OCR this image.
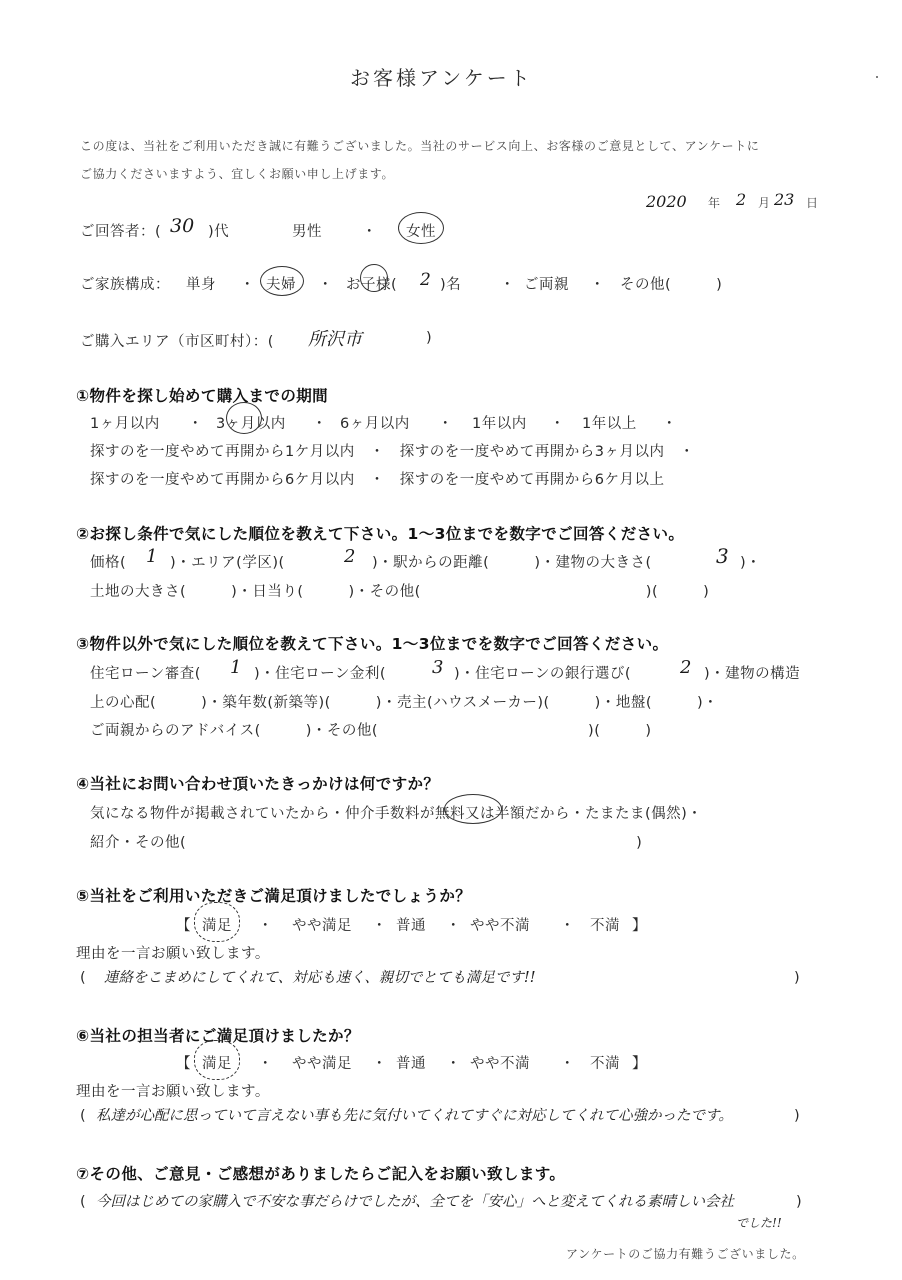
お客様アンケート
この度は、当社をご利用いただき誠に有難うございました。当社のサービス向上、お客様のご意見として、アンケートに
ご協力くださいますよう、宜しくお願い申し上げます。
2020 年 2 月 23 日
ご回答者：( 30 )代	男性	・ 女性
ご家族構成： 単身 ・ 夫婦 ・ お子様( 2 )名	・ ご両親 ・ その他(　　　)
ご購入エリア（市区町村）：( 所沢市	)
①物件を探し始めて購入までの期間
1ヶ月以内 ・ 3ヶ月以内 ・ 6ヶ月以内 ・ 1年以内 ・ 1年以上 ・
探すのを一度やめて再開から1ケ月以内　・　探すのを一度やめて再開から3ヶ月以内　・
探すのを一度やめて再開から6ケ月以内　・　探すのを一度やめて再開から6ケ月以上
②お探し条件で気にした順位を教えて下さい。1～3位までを数字でご回答ください。
価格( 1 )・エリア(学区)(	2 )・駅からの距離(　　　)・建物の大きさ(	3 )・
土地の大きさ(　　　)・日当り(　　　)・その他(　　　　　　　　　　　　　　　)(　　　)
③物件以外で気にした順位を教えて下さい。1～3位までを数字でご回答ください。
住宅ローン審査( 1 )・住宅ローン金利(	3 )・住宅ローンの銀行選び(	2 )・建物の構造
上の心配(　　　)・築年数(新築等)(　　　)・売主(ハウスメーカー)(　　　)・地盤(　　　)・
ご両親からのアドバイス(　　　)・その他(　　　　　　　　　　　　　　)(　　　)
④当社にお問い合わせ頂いたきっかけは何ですか？
気になる物件が掲載されていたから・仲介手数料が無料又は半額だから・たまたま(偶然)・
紹介・その他(　　　　　　　　　　　　　　　　　　　　　　　　　　　　　　)
⑤当社をご利用いただきご満足頂けましたでしょうか？
【 満足 ・ やや満足 ・ 普通 ・ やや不満 ・ 不満 】
理由を一言お願い致します。
( 連絡をこまめにしてくれて、対応も速く、親切でとても満足です!!	)
⑥当社の担当者にご満足頂けましたか？
【 満足 ・ やや満足 ・ 普通 ・ やや不満 ・ 不満 】
理由を一言お願い致します。
( 私達が心配に思っていて言えない事も先に気付いてくれてすぐに対応してくれて心強かったです。	)
⑦その他、ご意見・ご感想がありましたらご記入をお願い致します。
( 今回はじめての家購入で不安な事だらけでしたが、全てを「安心」へと変えてくれる素晴しい会社
でした!!
)
アンケートのご協力有難うございました。
